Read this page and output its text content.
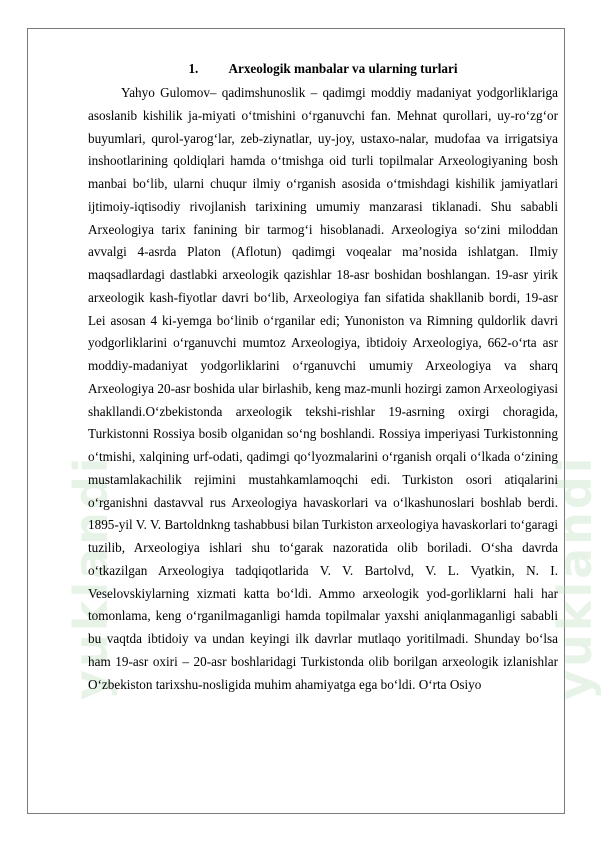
yuklandi	yuklandi
1. Arxeologik manbalar va ularning turlari

Yahyo Gulomov– qadimshunoslik – qadimgi moddiy madaniyat yodgorliklariga asoslanib kishilik ja-miyati o‘tmishini o‘rganuvchi fan. Mehnat qurollari, uy-ro‘zg‘or buyumlari, qurol-yarog‘lar, zeb-ziynatlar, uy-joy, ustaxo-nalar, mudofaa va irrigatsiya inshootlarining qoldiqlari hamda o‘tmishga oid turli topilmalar Arxeologiyaning bosh manbai bo‘lib, ularni chuqur ilmiy o‘rganish asosida o‘tmishdagi kishilik jamiyatlari ijtimoiy-iqtisodiy rivojlanish tarixining umumiy manzarasi tiklanadi. Shu sababli Arxeologiya tarix fanining bir tarmog‘i hisoblanadi. Arxeologiya so‘zini miloddan avvalgi 4-asrda Platon (Aflotun) qadimgi voqealar ma’nosida ishlatgan. Ilmiy maqsadlardagi dastlabki arxeologik qazishlar 18-asr boshidan boshlangan. 19-asr yirik arxeologik kash-fiyotlar davri bo‘lib, Arxeologiya fan sifatida shakllanib bordi, 19-asr Lei asosan 4 ki-yemga bo‘linib o‘rganilar edi; Yunoniston va Rimning quldorlik davri yodgorliklarini o‘rganuvchi mumtoz Arxeologiya, ibtidoiy Arxeologiya, 662-o‘rta asr moddiy-madaniyat yodgorliklarini o‘rganuvchi umumiy Arxeologiya va sharq Arxeologiya 20-asr boshida ular birlashib, keng maz-munli hozirgi zamon Arxeologiyasi shakllandi.O‘zbekistonda arxeologik tekshi-rishlar 19-asrning oxirgi choragida, Turkistonni Rossiya bosib olganidan so‘ng boshlandi. Rossiya imperiyasi Turkistonning o‘tmishi, xalqining urf-odati, qadimgi qo‘lyozmalarini o‘rganish orqali o‘lkada o‘zining mustamlakachilik rejimini mustahkamlamoqchi edi. Turkiston osori atiqalarini o‘rganishni dastavval rus Arxeologiya havaskorlari va o‘lkashunoslari boshlab berdi. 1895-yil V. V. Bartoldnkng tashabbusi bilan Turkiston arxeologiya havaskorlari to‘garagi tuzilib, Arxeologiya ishlari shu to‘garak nazoratida olib boriladi. O‘sha davrda o‘tkazilgan Arxeologiya tadqiqotlarida V. V. Bartolvd, V. L. Vyatkin, N. I. Veselovskiylarning xizmati katta bo‘ldi. Ammo arxeologik yod-gorliklarni hali har tomonlama, keng o‘rganilmaganligi hamda topilmalar yaxshi aniqlanmaganligi sababli bu vaqtda ibtidoiy va undan keyingi ilk davrlar mutlaqo yoritilmadi. Shunday bo‘lsa ham 19-asr oxiri – 20-asr boshlaridagi Turkistonda olib borilgan arxeologik izlanishlar O‘zbekiston tarixshu-nosligida muhim ahamiyatga ega bo‘ldi. O‘rta Osiyo
